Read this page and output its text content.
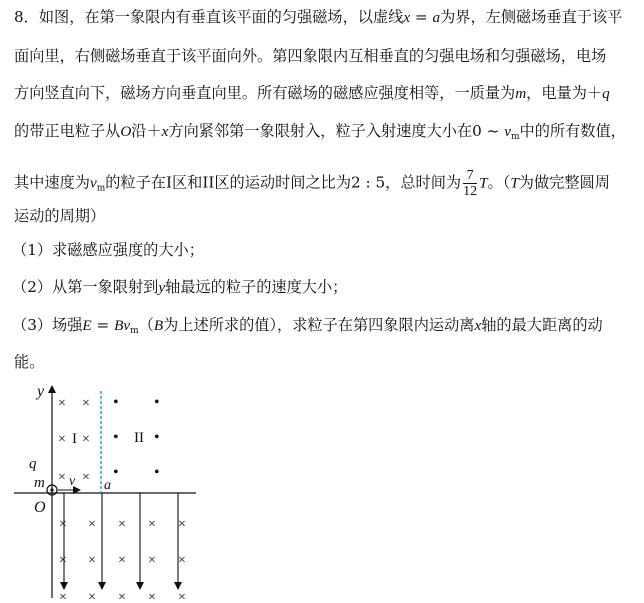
8．如图，在第一象限内有垂直该平面的匀强磁场，以虚线x = a为界，左侧磁场垂直于该平
面向里，右侧磁场垂直于该平面向外。第四象限内互相垂直的匀强电场和匀强磁场，电场
方向竖直向下，磁场方向垂直向里。所有磁场的磁感应强度相等，一质量为m，电量为＋q
的带正电粒子从O沿＋x方向紧邻第一象限射入，粒子入射速度大小在0 ~ $v_m$中的所有数值，
其中速度为$v_m$的粒子在I区和II区的运动时间之比为2 : 5，总时间为 $\frac{7}{12}$ T。（T为做完整圆周
运动的周期）
（1）求磁感应强度的大小；
（2）从第一象限射到y轴最远的粒子的速度大小；
（3）场强$E = Bv_m(B$为上述所求的值），求粒子在第四象限内运动离x轴的最大距离的动
能。
× ×
× ×
× ×
• •
• •
• •
× × × × ×
× × × × ×
× × × × ×
I	II
y
O
a
q
m v
